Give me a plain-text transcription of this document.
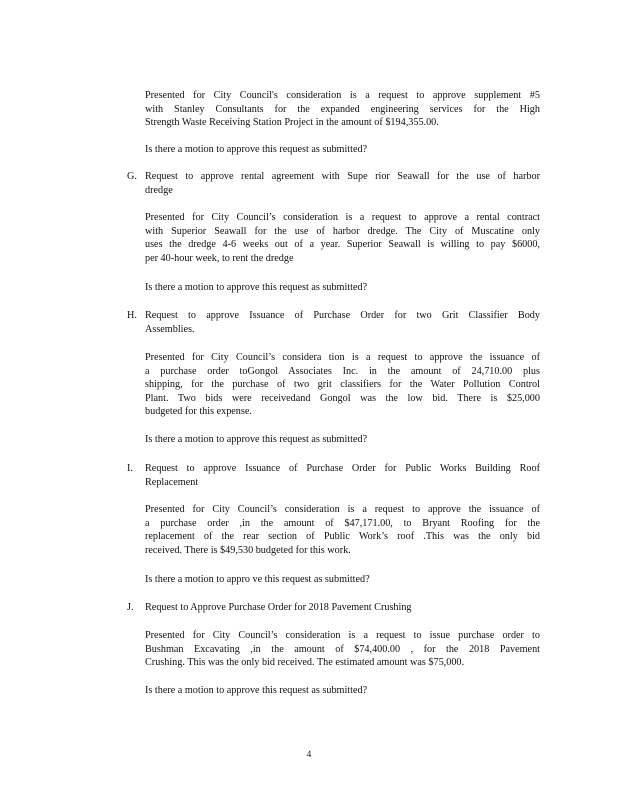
Presented for City Council's consideration is a request to approve supplement #5
with Stanley Consultants for the expanded engineering services for the High
Strength Waste Receiving Station Project in the amount of $194,355.00.
Is there a motion to approve this request as submitted?
G. Request to approve rental agreement with Supe rior Seawall for the use of harbor
dredge
Presented for City Council’s consideration is a request to approve a rental contract
with Superior Seawall for the use of harbor dredge. The City of Muscatine only
uses the dredge 4-6 weeks out of a year. Superior Seawall is willing to pay $6000,
per 40-hour week, to rent the dredge
Is there a motion to approve this request as submitted?
H. Request to approve Issuance of Purchase Order for two Grit Classifier Body
Assemblies.
Presented for City Council’s considera tion is a request to approve the issuance of
a purchase order toGongol Associates Inc. in the amount of 24,710.00 plus
shipping, for the purchase of two grit classifiers for the Water Pollution Control
Plant. Two bids were receivedand Gongol was the low bid. There is $25,000
budgeted for this expense.
Is there a motion to approve this request as submitted?
I. Request to approve Issuance of Purchase Order for Public Works Building Roof
Replacement
Presented for City Council’s consideration is a request to approve the issuance of
a purchase order ,in the amount of $47,171.00, to Bryant Roofing for the
replacement of the rear section of Public Work’s roof .This was the only bid
received. There is $49,530 budgeted for this work.
Is there a motion to appro ve this request as submitted?
J. Request to Approve Purchase Order for 2018 Pavement Crushing
Presented for City Council’s consideration is a request to issue purchase order to
Bushman Excavating ,in the amount of $74,400.00 , for the 2018 Pavement
Crushing. This was the only bid received. The estimated amount was $75,000.
Is there a motion to approve this request as submitted?
4
